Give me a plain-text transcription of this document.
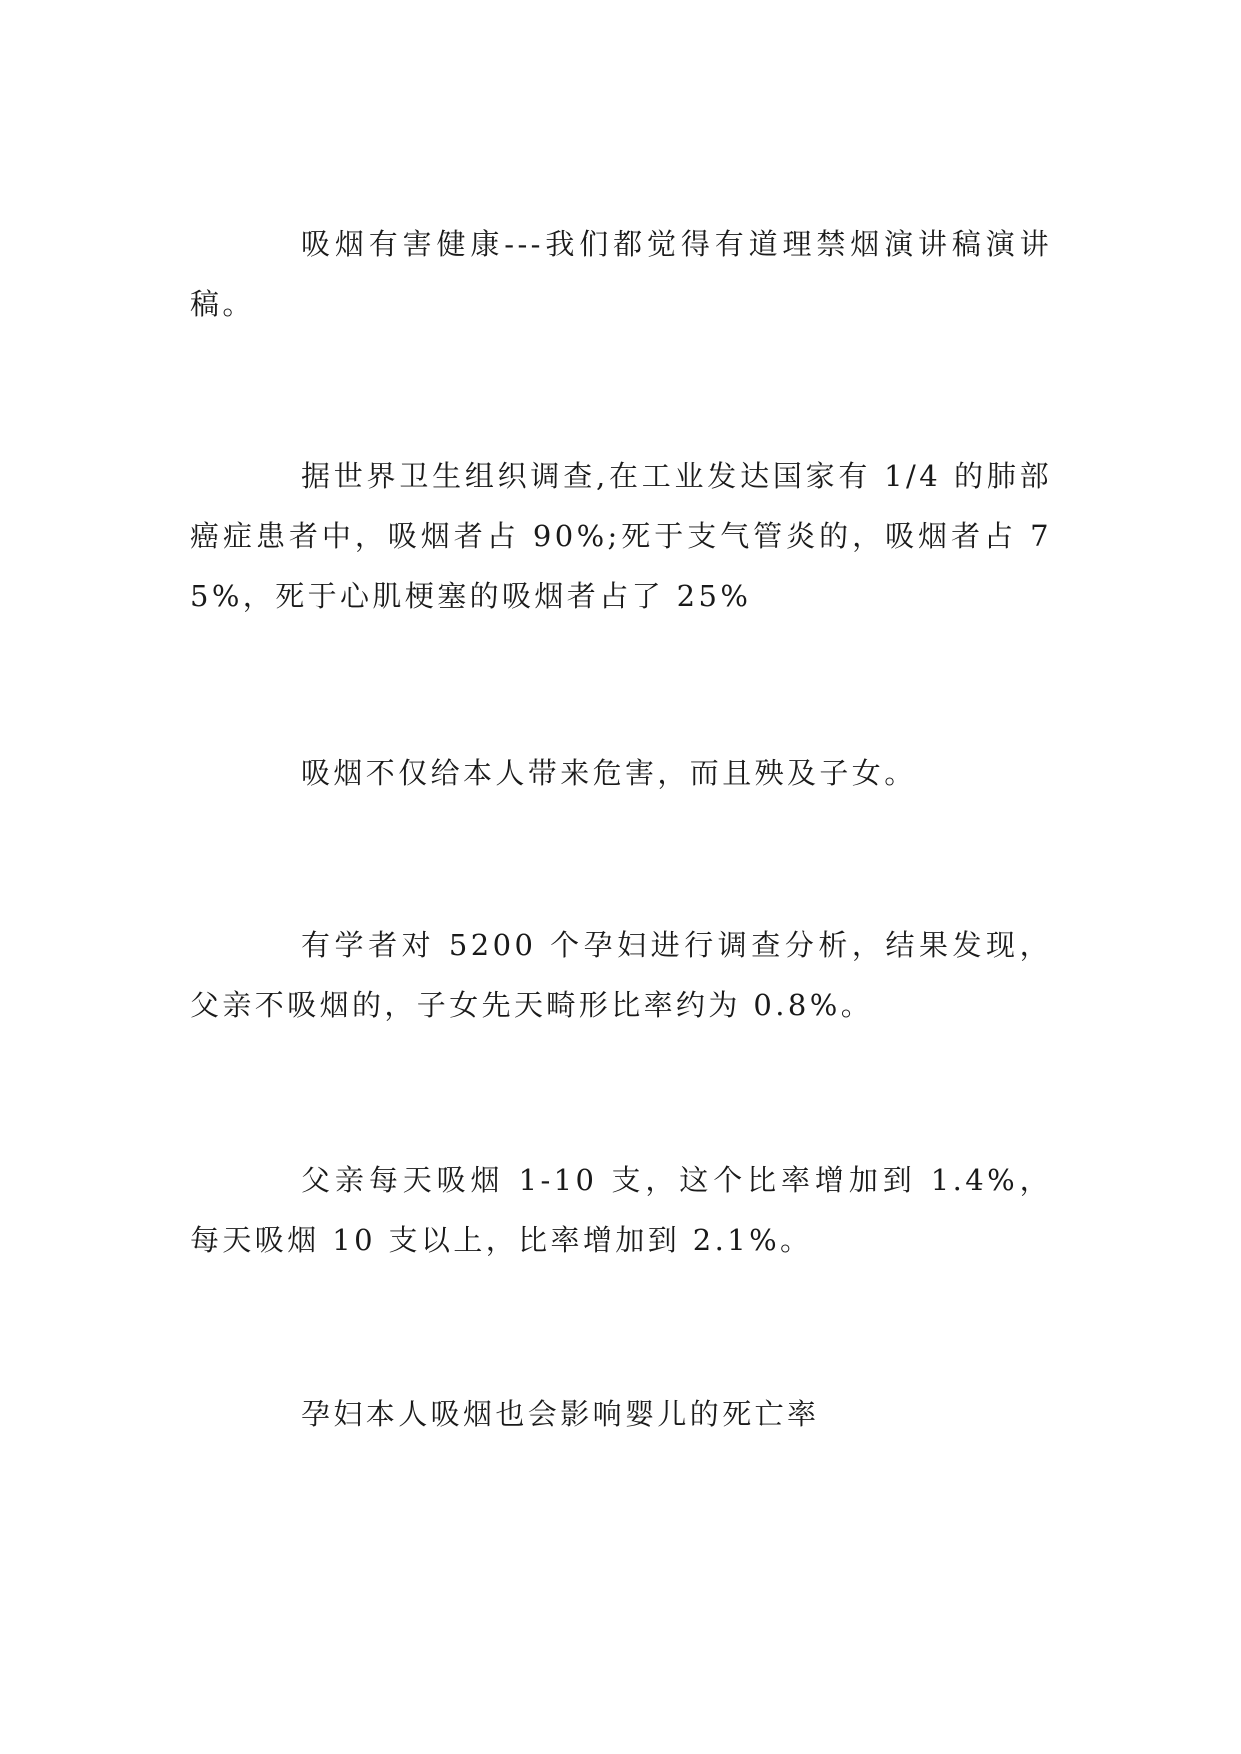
吸烟有害健康---我们都觉得有道理禁烟演讲稿演讲稿。

据世界卫生组织调查,在工业发达国家有 1/4 的肺部癌症患者中，吸烟者占 90%;死于支气管炎的，吸烟者占 75%，死于心肌梗塞的吸烟者占了 25%

吸烟不仅给本人带来危害，而且殃及子女。

有学者对 5200 个孕妇进行调查分析，结果发现，父亲不吸烟的，子女先天畸形比率约为 0.8%。

父亲每天吸烟 1-10 支，这个比率增加到 1.4%，每天吸烟 10 支以上，比率增加到 2.1%。

孕妇本人吸烟也会影响婴儿的死亡率
